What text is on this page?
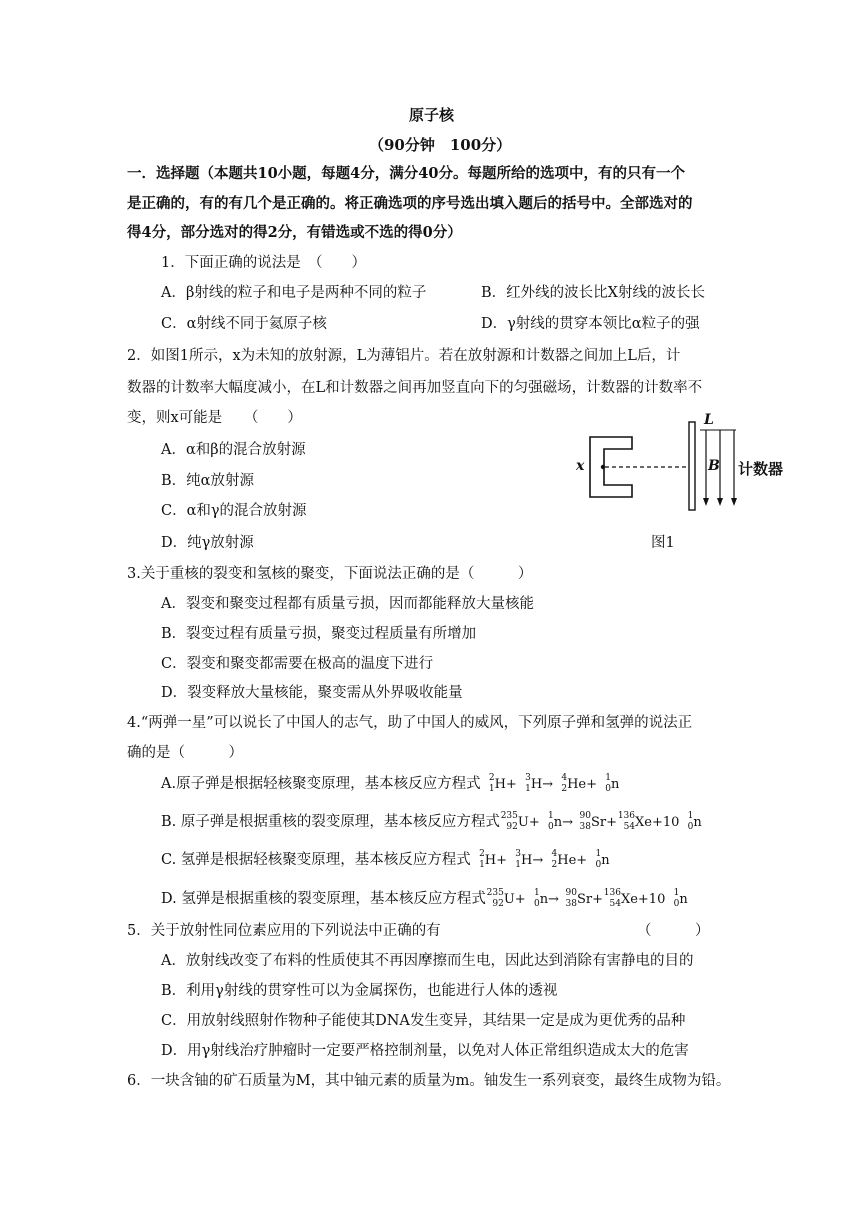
原子核
（90分钟　100分）
一．选择题（本题共10小题，每题4分，满分40分。每题所给的选项中，有的只有一个
是正确的，有的有几个是正确的。将正确选项的序号选出填入题后的括号中。全部选对的
得4分，部分选对的得2分，有错选或不选的得0分）
1．下面正确的说法是　（　　）
A．β射线的粒子和电子是两种不同的粒子	B．红外线的波长比X射线的波长长
C．α射线不同于氦原子核	D．γ射线的贯穿本领比α粒子的强
2．如图1所示，x为未知的放射源，L为薄铝片。若在放射源和计数器之间加上L后，计
数器的计数率大幅度减小，在L和计数器之间再加竖直向下的匀强磁场，计数器的计数率不
变，则x可能是　　（　　）
A．α和β的混合放射源
B．纯α放射源
C．α和γ的混合放射源
D．纯γ放射源
x
L
B 计数器
图1
3.关于重核的裂变和氢核的聚变，下面说法正确的是（　　　）
A．裂变和聚变过程都有质量亏损，因而都能释放大量核能
B．裂变过程有质量亏损，聚变过程质量有所增加
C．裂变和聚变都需要在极高的温度下进行
D．裂变释放大量核能，聚变需从外界吸收能量
4.“两弹一星”可以说长了中国人的志气，助了中国人的威风，下列原子弹和氢弹的说法正
确的是（　　　）
A.原子弹是根据轻核聚变原理，基本核反应方程式 2
1 H+ 3
1 H→ 4
2 He+ 1
0 n
B. 原子弹是根据重核的裂变原理，基本核反应方程式 235
92 U+ 1
0 n→ 90
38 Sr+ 136
54 Xe+10 1
0 n
C. 氢弹是根据轻核聚变原理，基本核反应方程式 2
1 H+ 3
1 H→ 4
2 He+ 1
0 n
D. 氢弹是根据重核的裂变原理，基本核反应方程式 235
92 U+ 1
0 n→ 90
38 Sr+ 136
54 Xe+10 1
0 n
5．关于放射性同位素应用的下列说法中正确的有	（　　　）
A．放射线改变了布料的性质使其不再因摩擦而生电，因此达到消除有害静电的目的
B．利用γ射线的贯穿性可以为金属探伤，也能进行人体的透视
C．用放射线照射作物种子能使其DNA发生变异，其结果一定是成为更优秀的品种
D．用γ射线治疗肿瘤时一定要严格控制剂量，以免对人体正常组织造成太大的危害
6．一块含铀的矿石质量为M，其中铀元素的质量为m。铀发生一系列衰变，最终生成物为铅。
